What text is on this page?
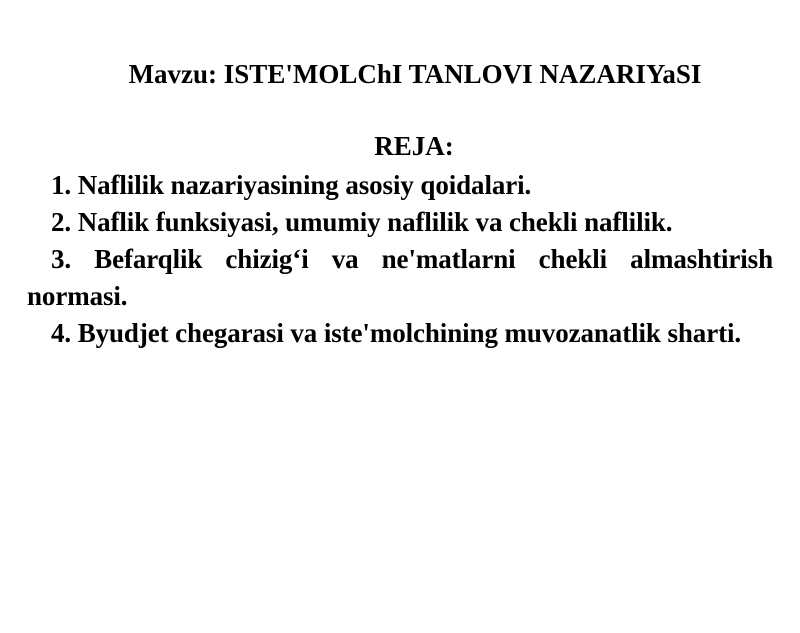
Mavzu: ISTE'MOLChI TANLOVI NAZARIYaSI
REJA:
1. Naflilik nazariyasining asosiy qoidalari.
2. Naflik funksiyasi, umumiy naflilik va chekli naflilik.
3. Befarqlik chizig‘i va ne'matlarni chekli almashtirish normasi.
4. Byudjet chegarasi va iste'molchining muvozanatlik sharti.
